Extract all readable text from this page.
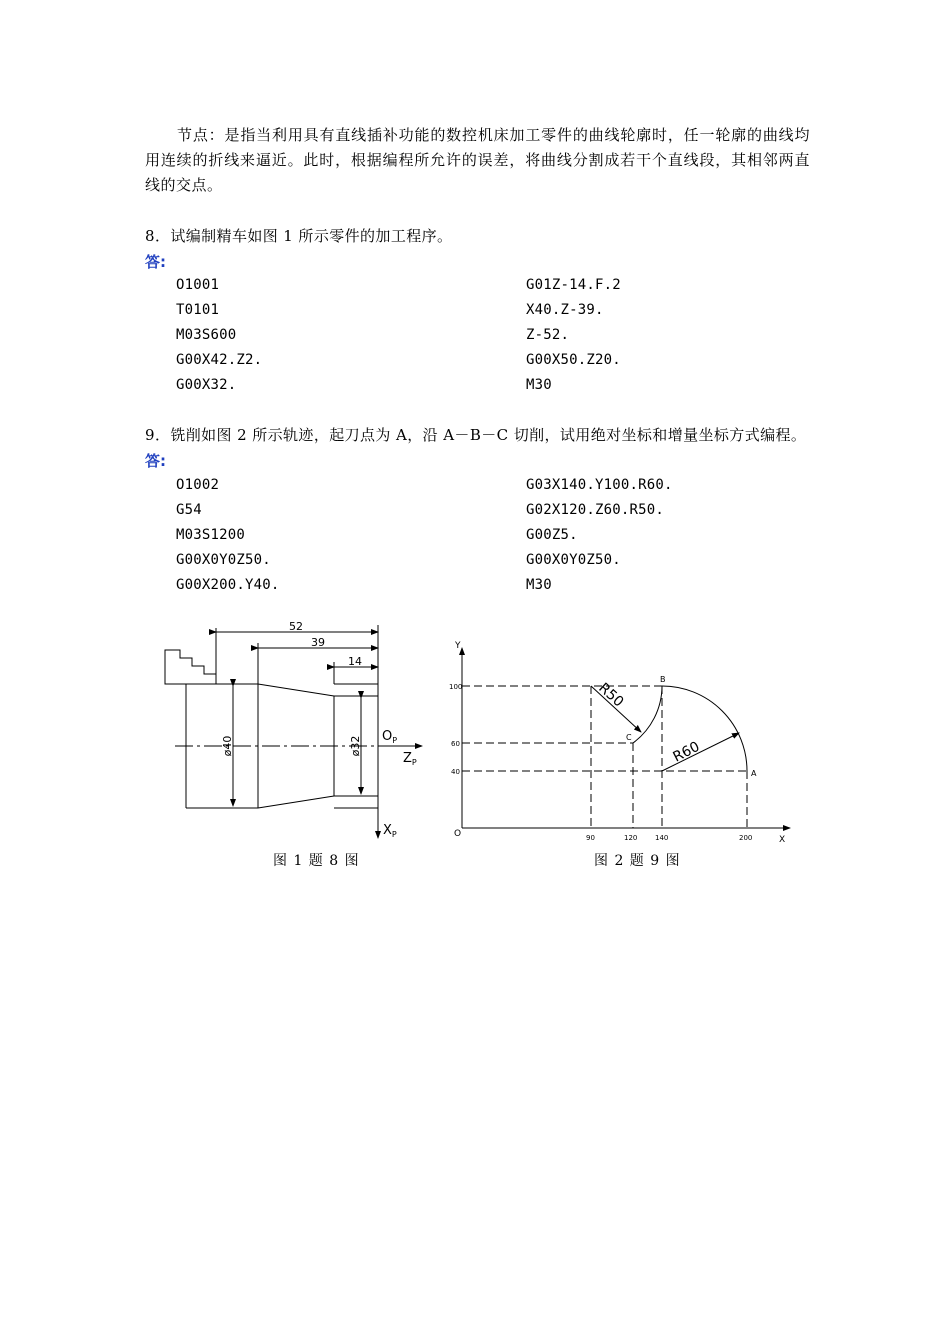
节点：是指当利用具有直线插补功能的数控机床加工零件的曲线轮廓时，任一轮廓的曲线均用连续的折线来逼近。此时，根据编程所允许的误差，将曲线分割成若干个直线段，其相邻两直线的交点。
8．试编制精车如图 1 所示零件的加工程序。
答:
O1001
T0101
M03S600
G00X42.Z2.
G00X32.
G01Z-14.F.2
X40.Z-39.
Z-52.
G00X50.Z20.
M30
9．铣削如图 2 所示轨迹，起刀点为 A，沿 A－B－C 切削，试用绝对坐标和增量坐标方式编程。
答:
O1002
G54
M03S1200
G00X0Y0Z50.
G00X200.Y40.
G03X140.Y100.R60.
G02X120.Z60.R50.
G00Z5.
G00X0Y0Z50.
M30
52
39
14
ø40	ø32 $O_P$
$Z_P$
$X_P$
Y
X
O
100
60
40
90	120	140	200
A
B
C
R50
R60
图 1 题 8 图	图 2 题 9 图
